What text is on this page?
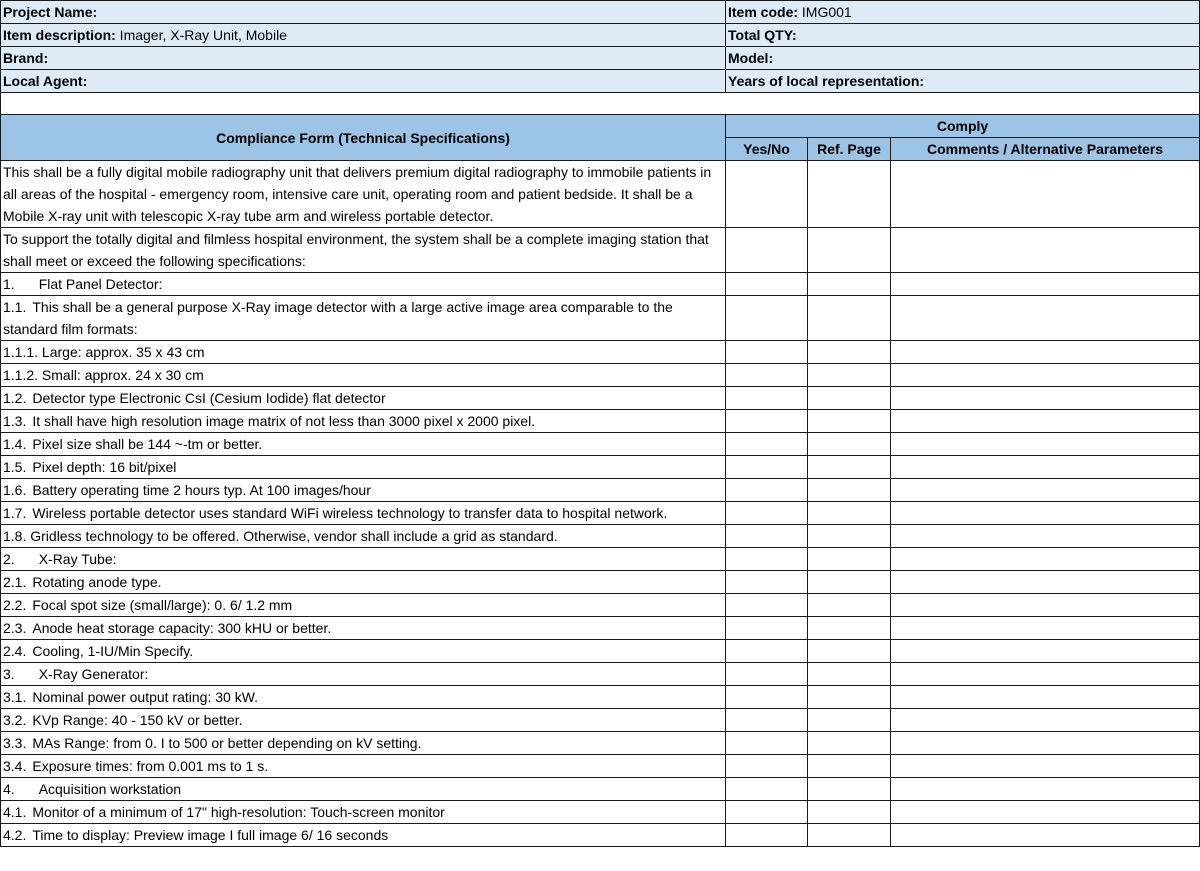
Project Name:	Item code: IMG001		
Item description: Imager, X-Ray Unit, Mobile	Total QTY:		
Brand:	Model:		
Local Agent:	Years of local representation:		

Compliance Form (Technical Specifications)	Comply		
	Yes/No	Ref. Page	Comments / Alternative Parameters
This shall be a fully digital mobile radiography unit that delivers premium digital radiography to immobile patients in all areas of the hospital - emergency room, intensive care unit, operating room and patient bedside. It shall be a Mobile X-ray unit with telescopic X-ray tube arm and wireless portable detector.			
To support the totally digital and filmless hospital environment, the system shall be a complete imaging station that shall meet or exceed the following specifications:			
1. Flat Panel Detector:			
1.1. This shall be a general purpose X-Ray image detector with a large active image area comparable to the standard film formats:			
1.1.1. Large: approx. 35 x 43 cm			
1.1.2. Small: approx. 24 x 30 cm			
1.2. Detector type Electronic CsI (Cesium Iodide) flat detector			
1.3. It shall have high resolution image matrix of not less than 3000 pixel x 2000 pixel.			
1.4. Pixel size shall be 144 ~-tm or better.			
1.5. Pixel depth: 16 bit/pixel			
1.6. Battery operating time 2 hours typ. At 100 images/hour			
1.7. Wireless portable detector uses standard WiFi wireless technology to transfer data to hospital network.			
1.8. Gridless technology to be offered. Otherwise, vendor shall include a grid as standard.			
2. X-Ray Tube:			
2.1. Rotating anode type.			
2.2. Focal spot size (small/large): 0. 6/ 1.2 mm			
2.3. Anode heat storage capacity: 300 kHU or better.			
2.4. Cooling, 1-IU/Min Specify.			
3. X-Ray Generator:			
3.1. Nominal power output rating: 30 kW.			
3.2. KVp Range: 40 - 150 kV or better.			
3.3. MAs Range: from 0. I to 500 or better depending on kV setting.			
3.4. Exposure times: from 0.001 ms to 1 s.			
4. Acquisition workstation			
4.1. Monitor of a minimum of 17" high-resolution: Touch-screen monitor			
4.2. Time to display: Preview image I full image 6/ 16 seconds			
